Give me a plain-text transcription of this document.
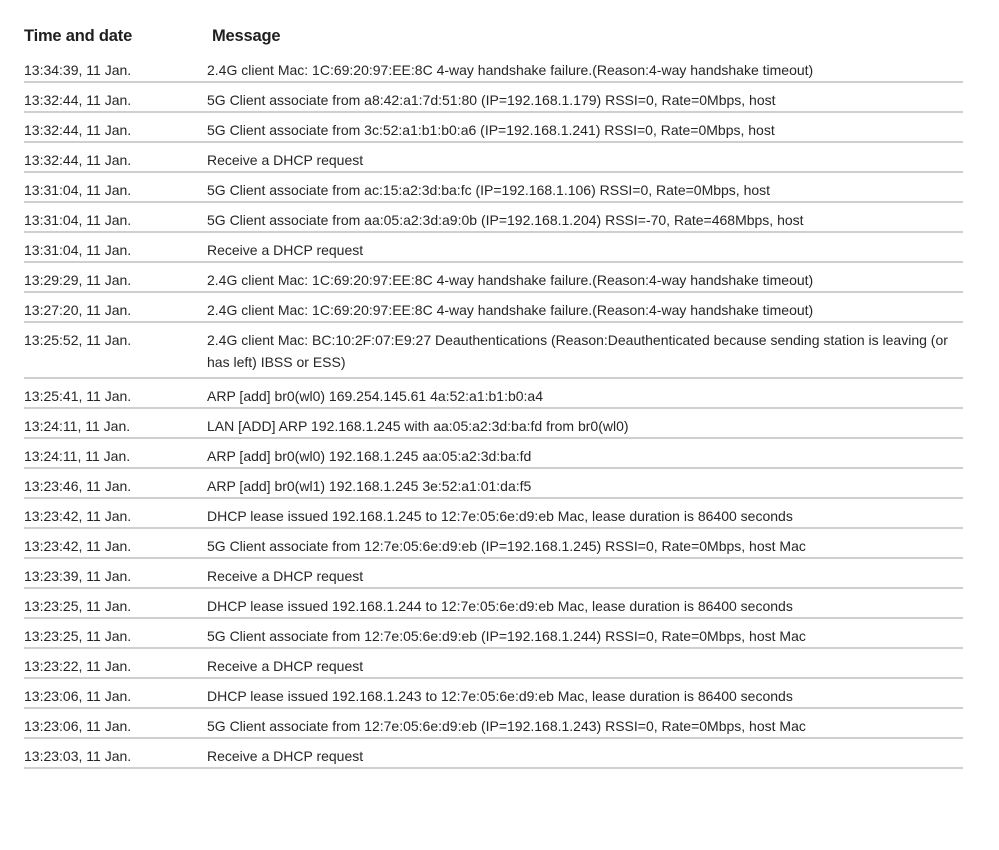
Time and date	Message
13:34:39, 11 Jan.	2.4G client Mac: 1C:69:20:97:EE:8C 4-way handshake failure.(Reason:4-way handshake timeout)
13:32:44, 11 Jan.	5G Client associate from a8:42:a1:7d:51:80 (IP=192.168.1.179) RSSI=0, Rate=0Mbps, host
13:32:44, 11 Jan.	5G Client associate from 3c:52:a1:b1:b0:a6 (IP=192.168.1.241) RSSI=0, Rate=0Mbps, host
13:32:44, 11 Jan.	Receive a DHCP request
13:31:04, 11 Jan.	5G Client associate from ac:15:a2:3d:ba:fc (IP=192.168.1.106) RSSI=0, Rate=0Mbps, host
13:31:04, 11 Jan.	5G Client associate from aa:05:a2:3d:a9:0b (IP=192.168.1.204) RSSI=-70, Rate=468Mbps, host
13:31:04, 11 Jan.	Receive a DHCP request
13:29:29, 11 Jan.	2.4G client Mac: 1C:69:20:97:EE:8C 4-way handshake failure.(Reason:4-way handshake timeout)
13:27:20, 11 Jan.	2.4G client Mac: 1C:69:20:97:EE:8C 4-way handshake failure.(Reason:4-way handshake timeout)
13:25:52, 11 Jan.	2.4G client Mac: BC:10:2F:07:E9:27 Deauthentications (Reason:Deauthenticated because sending station is leaving (or has left) IBSS or ESS)
13:25:41, 11 Jan.	ARP [add] br0(wl0) 169.254.145.61 4a:52:a1:b1:b0:a4
13:24:11, 11 Jan.	LAN [ADD] ARP 192.168.1.245 with aa:05:a2:3d:ba:fd from br0(wl0)
13:24:11, 11 Jan.	ARP [add] br0(wl0) 192.168.1.245 aa:05:a2:3d:ba:fd
13:23:46, 11 Jan.	ARP [add] br0(wl1) 192.168.1.245 3e:52:a1:01:da:f5
13:23:42, 11 Jan.	DHCP lease issued 192.168.1.245 to 12:7e:05:6e:d9:eb Mac, lease duration is 86400 seconds
13:23:42, 11 Jan.	5G Client associate from 12:7e:05:6e:d9:eb (IP=192.168.1.245) RSSI=0, Rate=0Mbps, host Mac
13:23:39, 11 Jan.	Receive a DHCP request
13:23:25, 11 Jan.	DHCP lease issued 192.168.1.244 to 12:7e:05:6e:d9:eb Mac, lease duration is 86400 seconds
13:23:25, 11 Jan.	5G Client associate from 12:7e:05:6e:d9:eb (IP=192.168.1.244) RSSI=0, Rate=0Mbps, host Mac
13:23:22, 11 Jan.	Receive a DHCP request
13:23:06, 11 Jan.	DHCP lease issued 192.168.1.243 to 12:7e:05:6e:d9:eb Mac, lease duration is 86400 seconds
13:23:06, 11 Jan.	5G Client associate from 12:7e:05:6e:d9:eb (IP=192.168.1.243) RSSI=0, Rate=0Mbps, host Mac
13:23:03, 11 Jan.	Receive a DHCP request
